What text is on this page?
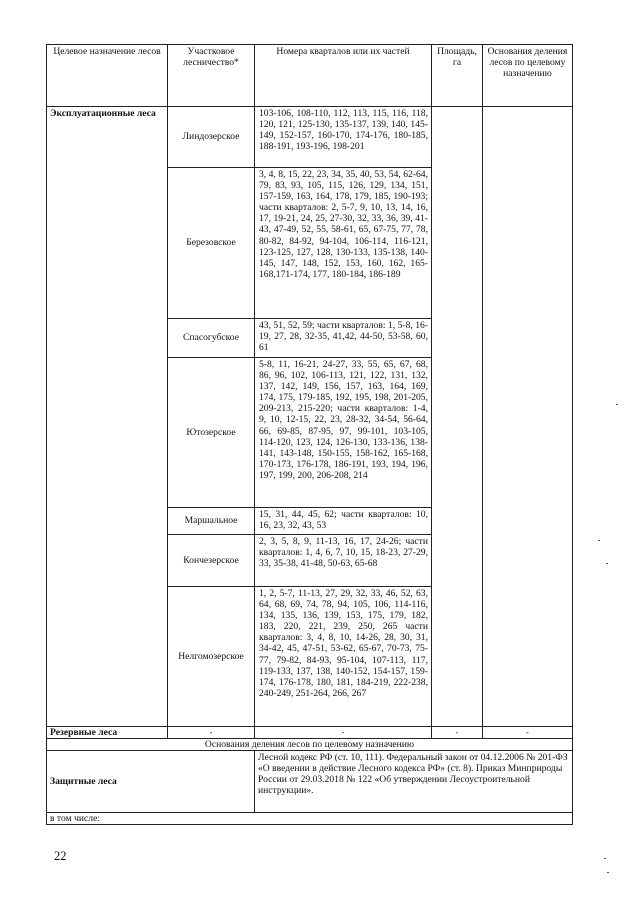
Целевое назначение лесов	Участковое лесничество*	Номера кварталов или их частей	Площадь, га	Основания деления лесов по целевому назначению
Эксплуатационные леса	Линдозерское	103-106, 108-110, 112, 113, 115, 116, 118, 120, 121, 125-130, 135-137, 139, 140, 145-149, 152-157, 160-170, 174-176, 180-185, 188-191, 193-196, 198-201		
	Березовское	3, 4, 8, 15, 22, 23, 34, 35, 40, 53, 54, 62-64, 79, 83, 93, 105, 115, 126, 129, 134, 151, 157-159, 163, 164, 178, 179, 185, 190-193; части кварталов: 2, 5-7, 9, 10, 13, 14, 16, 17, 19-21, 24, 25, 27-30, 32, 33, 36, 39, 41-43, 47-49, 52, 55, 58-61, 65, 67-75, 77, 78, 80-82, 84-92, 94-104, 106-114, 116-121, 123-125, 127, 128, 130-133, 135-138, 140-145, 147, 148, 152, 153, 160, 162, 165-168,171-174, 177, 180-184, 186-189		
	Спасогубское	43, 51, 52, 59; части кварталов: 1, 5-8, 16-19, 27, 28, 32-35, 41,42, 44-50, 53-58, 60, 61		
	Ютозерское	5-8, 11, 16-21, 24-27, 33, 55, 65, 67, 68, 86, 96, 102, 106-113, 121, 122, 131, 132, 137, 142, 149, 156, 157, 163, 164, 169, 174, 175, 179-185, 192, 195, 198, 201-205, 209-213, 215-220; части кварталов: 1-4, 9, 10, 12-15, 22, 23, 28-32, 34-54, 56-64, 66, 69-85, 87-95, 97, 99-101, 103-105, 114-120, 123, 124, 126-130, 133-136, 138-141, 143-148, 150-155, 158-162, 165-168, 170-173, 176-178, 186-191, 193, 194, 196, 197, 199, 200, 206-208, 214		
	Маршальное	15, 31, 44, 45, 62; части кварталов: 10, 16, 23, 32, 43, 53		
	Кончезерское	2, 3, 5, 8, 9, 11-13, 16, 17, 24-26; части кварталов: 1, 4, 6, 7, 10, 15, 18-23, 27-29, 33, 35-38, 41-48, 50-63, 65-68		
	Нелгомозерское	1, 2, 5-7, 11-13, 27, 29, 32, 33, 46, 52, 63, 64, 68, 69, 74, 78, 94, 105, 106, 114-116, 134, 135, 136, 139, 153, 175, 179, 182, 183, 220, 221, 239, 250, 265 части кварталов: 3, 4, 8, 10, 14-26, 28, 30, 31, 34-42, 45, 47-51, 53-62, 65-67, 70-73, 75-77, 79-82, 84-93, 95-104, 107-113, 117, 119-133, 137, 138, 140-152, 154-157, 159-174, 176-178, 180, 181, 184-219, 222-238, 240-249, 251-264, 266, 267		
Резервные леса	-	-	-	-
Основания деления лесов по целевому назначению				
Защитные леса		Лесной кодекс РФ (ст. 10, 111). Федеральный закон от 04.12.2006 № 201-ФЗ «О введении в действие Лесного кодекса РФ» (ст. 8). Приказ Минприроды России от 29.03.2018 № 122 «Об утверждении Лесоустроительной инструкции».		
в том числе:				
22
